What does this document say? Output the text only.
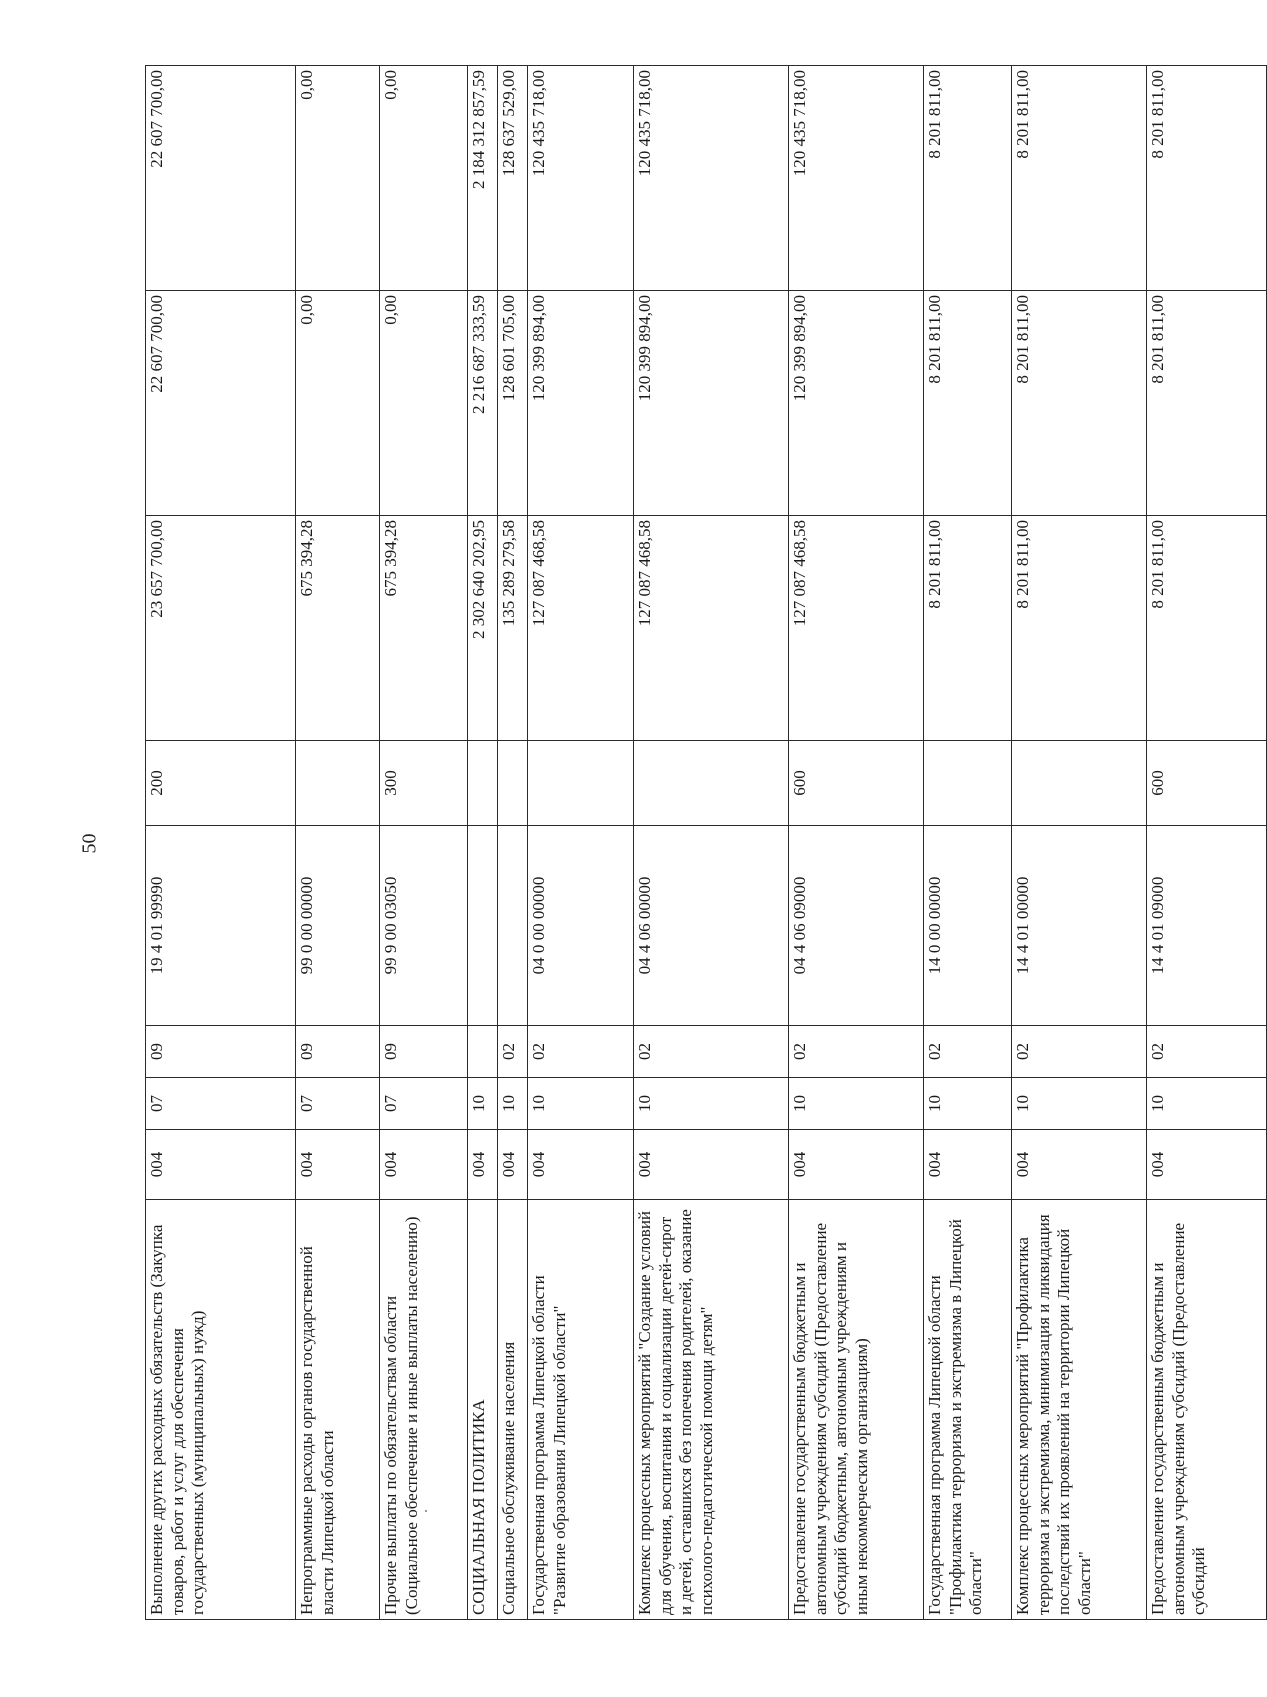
50
Выполнение других расходных обязательств (Закупка товаров, работ и услуг для обеспечения государственных (муниципальных) нужд)	004	07	09	19 4 01 99990	200	23 657 700,00	22 607 700,00	22 607 700,00
Непрограммные расходы органов государственной власти Липецкой области	004	07	09	99 0 00 00000		675 394,28	0,00	0,00
Прочие выплаты по обязательствам области (Социальное обеспечение и иные выплаты населению)	004	07	09	99 9 00 03050	300	675 394,28	0,00	0,00
СОЦИАЛЬНАЯ ПОЛИТИКА	004	10				2 302 640 202,95	2 216 687 333,59	2 184 312 857,59
Социальное обслуживание населения	004	10	02			135 289 279,58	128 601 705,00	128 637 529,00
Государственная программа Липецкой области "Развитие образования Липецкой области"	004	10	02	04 0 00 00000		127 087 468,58	120 399 894,00	120 435 718,00
Комплекс процессных мероприятий "Создание условий для обучения, воспитания и социализации детей-сирот и детей, оставшихся без попечения родителей, оказание психолого-педагогической помощи детям"	004	10	02	04 4 06 00000		127 087 468,58	120 399 894,00	120 435 718,00
Предоставление государственным бюджетным и автономным учреждениям субсидий (Предоставление субсидий бюджетным, автономным учреждениям и иным некоммерческим организациям)	004	10	02	04 4 06 09000	600	127 087 468,58	120 399 894,00	120 435 718,00
Государственная программа Липецкой области "Профилактика терроризма и экстремизма в Липецкой области"	004	10	02	14 0 00 00000		8 201 811,00	8 201 811,00	8 201 811,00
Комплекс процессных мероприятий "Профилактика терроризма и экстремизма, минимизация и ликвидация последствий их проявлений на территории Липецкой области"	004	10	02	14 4 01 00000		8 201 811,00	8 201 811,00	8 201 811,00
Предоставление государственным бюджетным и автономным учреждениям субсидий (Предоставление субсидий	004	10	02	14 4 01 09000	600	8 201 811,00	8 201 811,00	8 201 811,00
